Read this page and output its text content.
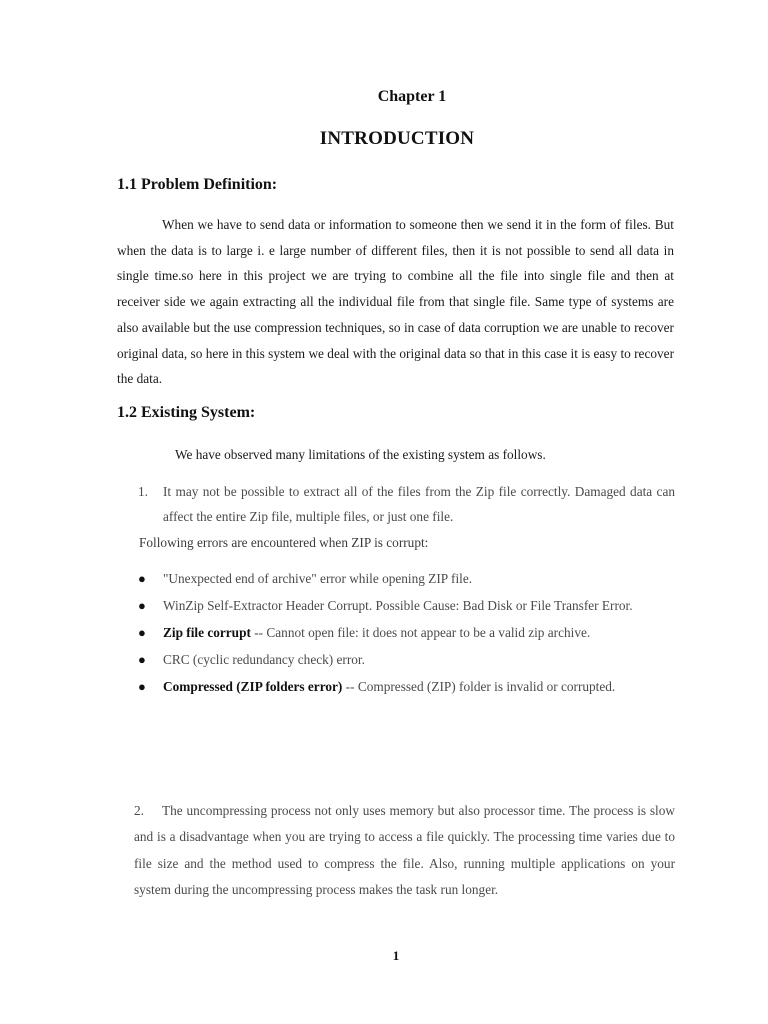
Chapter 1
INTRODUCTION
1.1 Problem Definition:

When we have to send data or information to someone then we send it in the form of files. But when the data is to large i. e large number of different files, then it is not possible to send all data in single time.so here in this project we are trying to combine all the file into single file and then at receiver side we again extracting all the individual file from that single file. Same type of systems are also available but the use compression techniques, so in case of data corruption we are unable to recover original data, so here in this system we deal with the original data so that in this case it is easy to recover the data.

1.2 Existing System:

We have observed many limitations of the existing system as follows.

1. It may not be possible to extract all of the files from the Zip file correctly. Damaged data can affect the entire Zip file, multiple files, or just one file.

Following errors are encountered when ZIP is corrupt:

● "Unexpected end of archive" error while opening ZIP file.
● WinZip Self-Extractor Header Corrupt. Possible Cause: Bad Disk or File Transfer Error.
● Zip file corrupt -- Cannot open file: it does not appear to be a valid zip archive.
● CRC (cyclic redundancy check) error.
● Compressed (ZIP folders error) -- Compressed (ZIP) folder is invalid or corrupted.
2.	The uncompressing process not only uses memory but also processor time. The process is slow and is a disadvantage when you are trying to access a file quickly. The processing time varies due to file size and the method used to compress the file. Also, running multiple applications on your system during the uncompressing process makes the task run longer.
1
